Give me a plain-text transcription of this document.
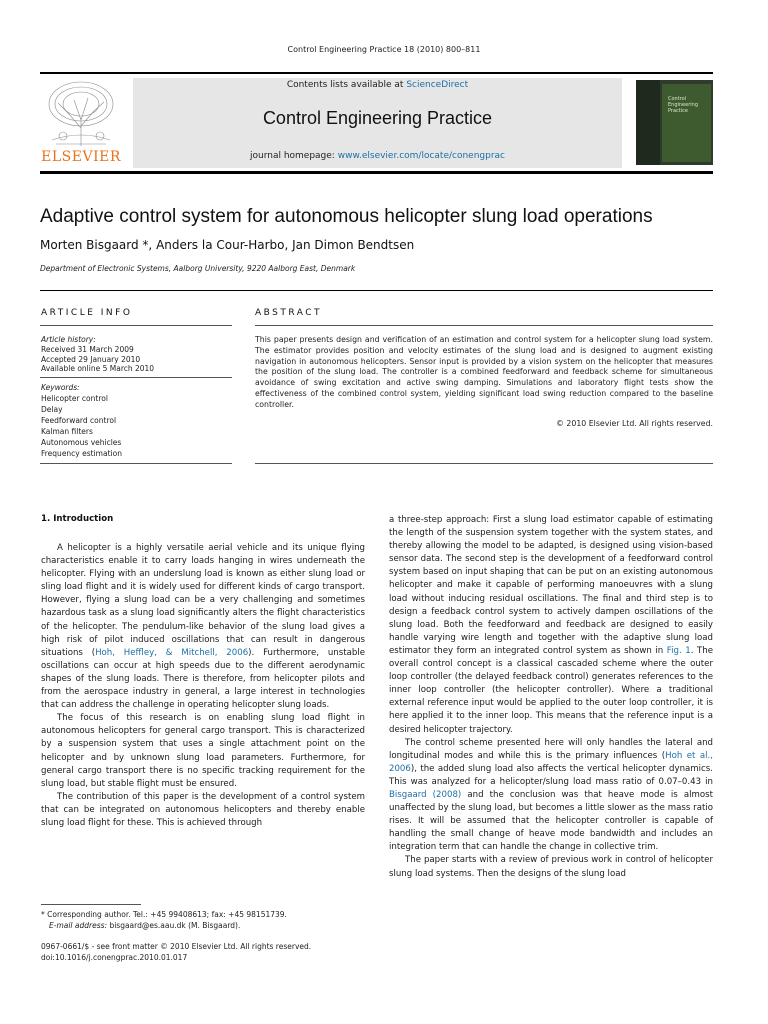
Control Engineering Practice 18 (2010) 800–811
ELSEVIER
Contents lists available at ScienceDirect
Control Engineering Practice
journal homepage: www.elsevier.com/locate/conengprac
Control
Engineering
Practice
Adaptive control system for autonomous helicopter slung load operations
Morten Bisgaard *, Anders la Cour-Harbo, Jan Dimon Bendtsen
Department of Electronic Systems, Aalborg University, 9220 Aalborg East, Denmark
ARTICLE INFO	ABSTRACT
Article history:
Received 31 March 2009
Accepted 29 January 2010
Available online 5 March 2010
Keywords:
Helicopter control
Delay
Feedforward control
Kalman filters
Autonomous vehicles
Frequency estimation
This paper presents design and verification of an estimation and control system for a helicopter slung load system. The estimator provides position and velocity estimates of the slung load and is designed to augment existing navigation in autonomous helicopters. Sensor input is provided by a vision system on the helicopter that measures the position of the slung load. The controller is a combined feedforward and feedback scheme for simultaneous avoidance of swing excitation and active swing damping. Simulations and laboratory flight tests show the effectiveness of the combined control system, yielding significant load swing reduction compared to the baseline controller.
© 2010 Elsevier Ltd. All rights reserved.
1. Introduction

A helicopter is a highly versatile aerial vehicle and its unique flying characteristics enable it to carry loads hanging in wires underneath the helicopter. Flying with an underslung load is known as either slung load or sling load flight and it is widely used for different kinds of cargo transport. However, flying a slung load can be a very challenging and sometimes hazardous task as a slung load significantly alters the flight characteristics of the helicopter. The pendulum-like behavior of the slung load gives a high risk of pilot induced oscillations that can result in dangerous situations (Hoh, Heffley, & Mitchell, 2006). Furthermore, unstable oscillations can occur at high speeds due to the different aerodynamic shapes of the slung loads. There is therefore, from helicopter pilots and from the aerospace industry in general, a large interest in technologies that can address the challenge in operating helicopter slung loads.

The focus of this research is on enabling slung load flight in autonomous helicopters for general cargo transport. This is characterized by a suspension system that uses a single attachment point on the helicopter and by unknown slung load parameters. Furthermore, for general cargo transport there is no specific tracking requirement for the slung load, but stable flight must be ensured.

The contribution of this paper is the development of a control system that can be integrated on autonomous helicopters and thereby enable slung load flight for these. This is achieved through

a three-step approach: First a slung load estimator capable of estimating the length of the suspension system together with the system states, and thereby allowing the model to be adapted, is designed using vision-based sensor data. The second step is the development of a feedforward control system based on input shaping that can be put on an existing autonomous helicopter and make it capable of performing manoeuvres with a slung load without inducing residual oscillations. The final and third step is to design a feedback control system to actively dampen oscillations of the slung load. Both the feedforward and feedback are designed to easily handle varying wire length and together with the adaptive slung load estimator they form an integrated control system as shown in Fig. 1. The overall control concept is a classical cascaded scheme where the outer loop controller (the delayed feedback control) generates references to the inner loop controller (the helicopter controller). Where a traditional external reference input would be applied to the outer loop controller, it is here applied it to the inner loop. This means that the reference input is a desired helicopter trajectory.

The control scheme presented here will only handles the lateral and longitudinal modes and while this is the primary influences (Hoh et al., 2006), the added slung load also affects the vertical helicopter dynamics. This was analyzed for a helicopter/slung load mass ratio of 0.07–0.43 in Bisgaard (2008) and the conclusion was that heave mode is almost unaffected by the slung load, but becomes a little slower as the mass ratio rises. It will be assumed that the helicopter controller is capable of handling the small change of heave mode bandwidth and includes an integration term that can handle the change in collective trim.

The paper starts with a review of previous work in control of helicopter slung load systems. Then the designs of the slung load

* Corresponding author. Tel.: +45 99408613; fax: +45 98151739.
E-mail address: bisgaard@es.aau.dk (M. Bisgaard).
0967-0661/$ - see front matter © 2010 Elsevier Ltd. All rights reserved.
doi:10.1016/j.conengprac.2010.01.017
